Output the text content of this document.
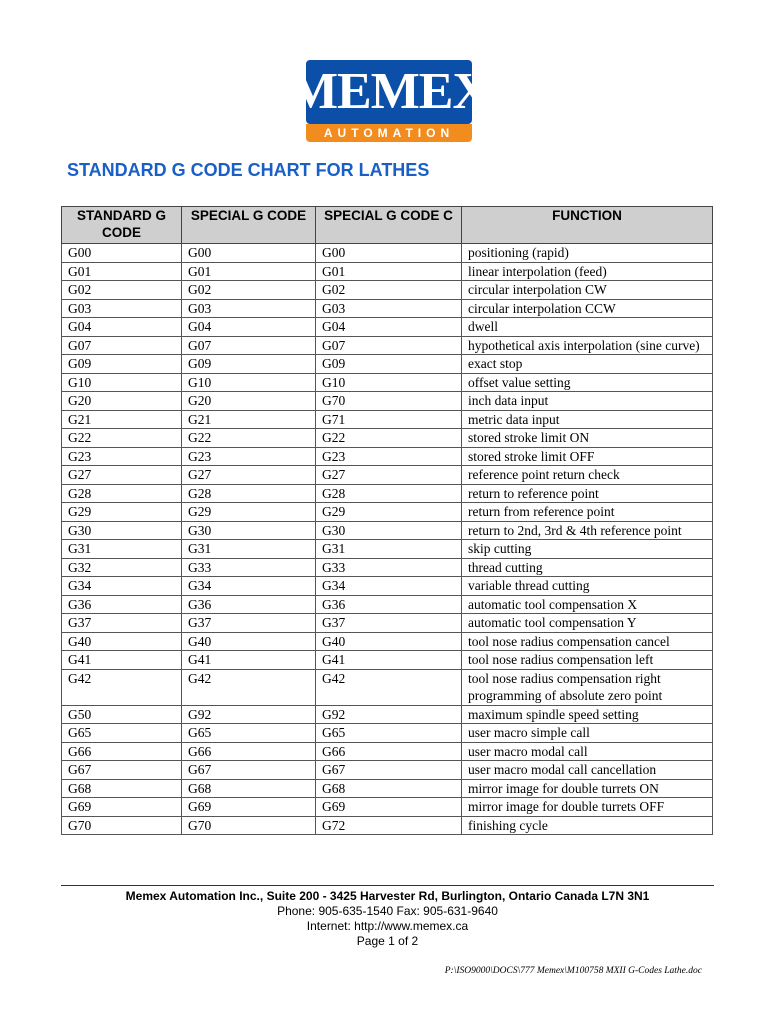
MEMEX
AUTOMATION
STANDARD G CODE CHART FOR LATHES
STANDARD G CODE	SPECIAL G CODE	SPECIAL G CODE C	FUNCTION
G00	G00	G00	positioning (rapid)
G01	G01	G01	linear interpolation (feed)
G02	G02	G02	circular interpolation CW
G03	G03	G03	circular interpolation CCW
G04	G04	G04	dwell
G07	G07	G07	hypothetical axis interpolation (sine curve)
G09	G09	G09	exact stop
G10	G10	G10	offset value setting
G20	G20	G70	inch data input
G21	G21	G71	metric data input
G22	G22	G22	stored stroke limit ON
G23	G23	G23	stored stroke limit OFF
G27	G27	G27	reference point return check
G28	G28	G28	return to reference point
G29	G29	G29	return from reference point
G30	G30	G30	return to 2nd, 3rd & 4th reference point
G31	G31	G31	skip cutting
G32	G33	G33	thread cutting
G34	G34	G34	variable thread cutting
G36	G36	G36	automatic tool compensation X
G37	G37	G37	automatic tool compensation Y
G40	G40	G40	tool nose radius compensation cancel
G41	G41	G41	tool nose radius compensation left
G42	G42	G42	tool nose radius compensation right programming of absolute zero point
G50	G92	G92	maximum spindle speed setting
G65	G65	G65	user macro simple call
G66	G66	G66	user macro modal call
G67	G67	G67	user macro modal call cancellation
G68	G68	G68	mirror image for double turrets ON
G69	G69	G69	mirror image for double turrets OFF
G70	G70	G72	finishing cycle
Memex Automation Inc., Suite 200 - 3425 Harvester Rd, Burlington, Ontario Canada L7N 3N1
Phone: 905-635-1540 Fax: 905-631-9640
Internet: http://www.memex.ca
Page 1 of 2
P:\ISO9000\DOCS\777 Memex\M100758 MXII G-Codes Lathe.doc
